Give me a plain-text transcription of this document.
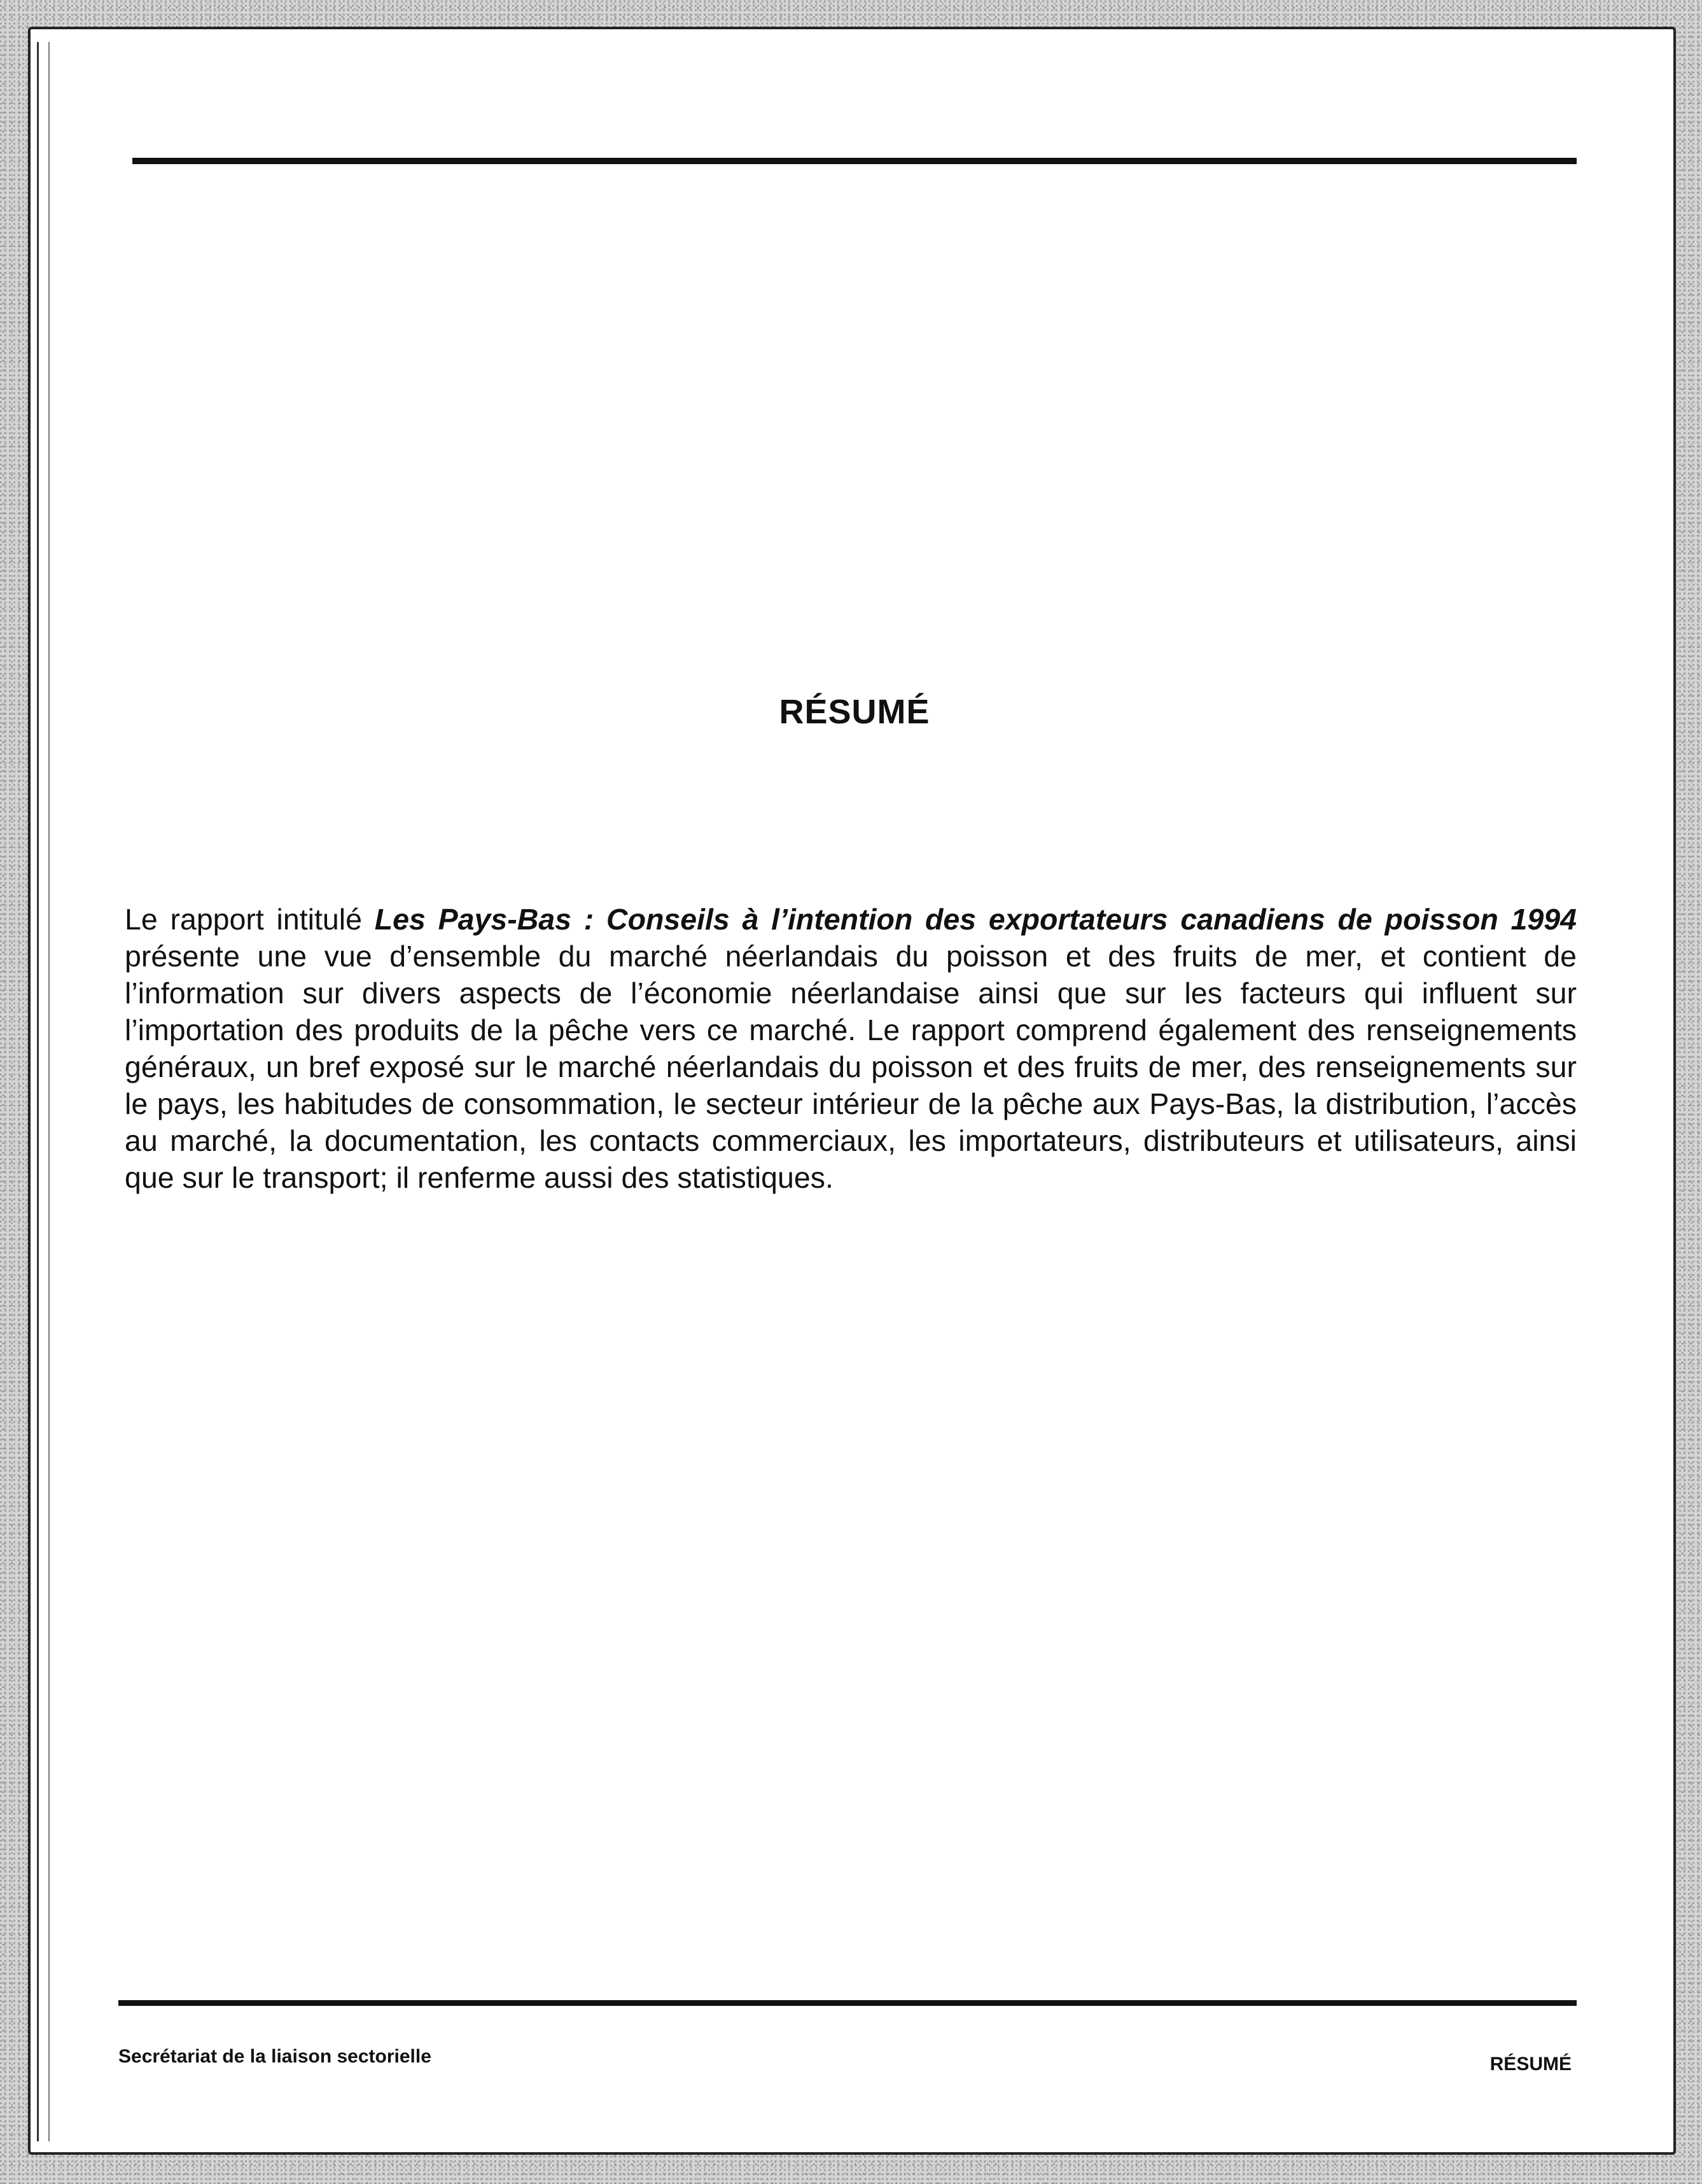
RÉSUMÉ

Le rapport intitulé Les Pays-Bas : Conseils à l’intention des exportateurs canadiens de poisson 1994 présente une vue d’ensemble du marché néerlandais du poisson et des fruits de mer, et contient de l’information sur divers aspects de l’économie néerlandaise ainsi que sur les facteurs qui influent sur l’importation des produits de la pêche vers ce marché. Le rapport comprend également des renseignements généraux, un bref exposé sur le marché néerlandais du poisson et des fruits de mer, des renseignements sur le pays, les habitudes de consommation, le secteur intérieur de la pêche aux Pays-Bas, la distribution, l’accès au marché, la documentation, les contacts commerciaux, les importateurs, distributeurs et utilisateurs, ainsi que sur le transport; il renferme aussi des statistiques.

Secrétariat de la liaison sectorielle	RÉSUMÉ
